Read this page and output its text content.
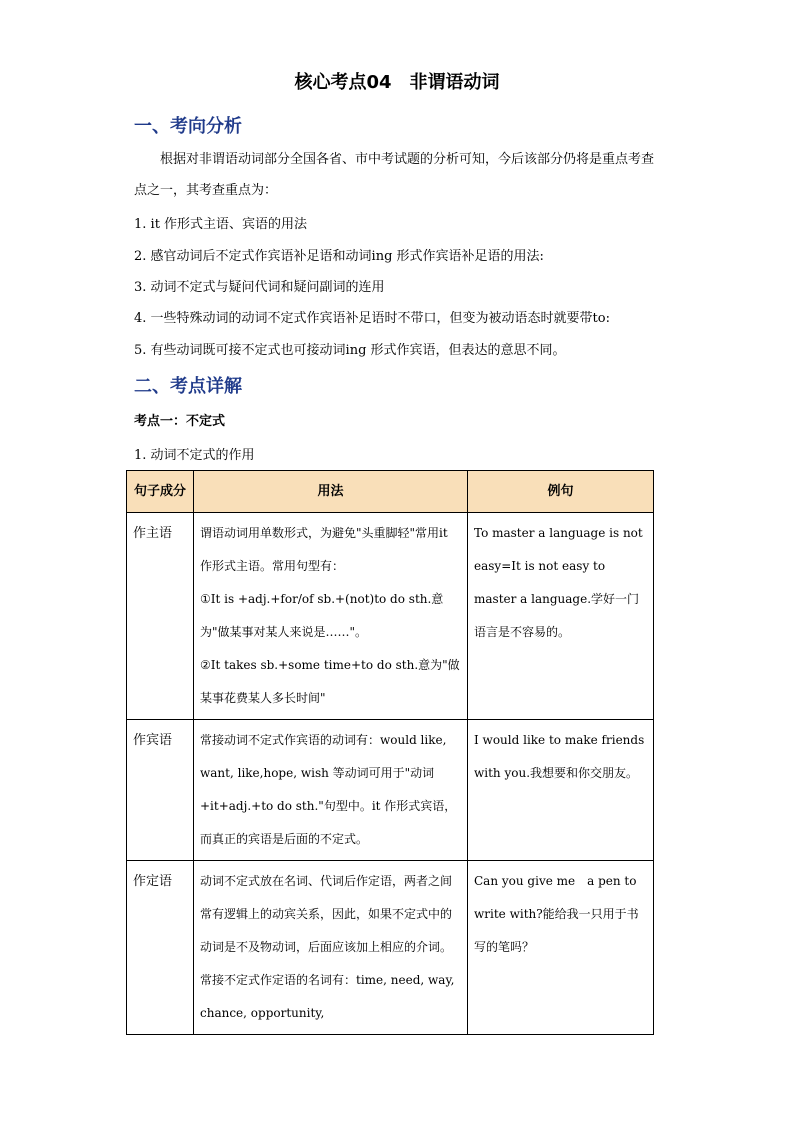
核心考点04　非谓语动词
一、考向分析
根据对非谓语动词部分全国各省、市中考试题的分析可知，今后该部分仍将是重点考查点之一，其考查重点为：
1. it 作形式主语、宾语的用法
2. 感官动词后不定式作宾语补足语和动词ing 形式作宾语补足语的用法:
3. 动词不定式与疑问代词和疑问副词的连用
4. 一些特殊动词的动词不定式作宾语补足语时不带口，但变为被动语态时就要带to:
5. 有些动词既可接不定式也可接动词ing 形式作宾语，但表达的意思不同。
二、考点详解
考点一：不定式
1. 动词不定式的作用
句子成分	用法	例句
作主语	谓语动词用单数形式，为避免"头重脚轻"常用it 作形式主语。常用句型有：
①It is +adj.+for/of sb.+(not)to do sth.意为"做某事对某人来说是……"。
②It takes sb.+some time+to do sth.意为"做某事花费某人多长时间"	To master a language is not easy=It is not easy to master a language.学好一门语言是不容易的。

作宾语	常接动词不定式作宾语的动词有：would like, want, like,hope, wish 等动词可用于"动词+it+adj.+to do sth."句型中。it 作形式宾语，而真正的宾语是后面的不定式。	I would like to make friends with you.我想要和你交朋友。

作定语	动词不定式放在名词、代词后作定语，两者之间常有逻辑上的动宾关系，因此，如果不定式中的动词是不及物动词，后面应该加上相应的介词。常接不定式作定语的名词有：time, need, way, chance, opportunity,	Can you give me　a pen to write with?能给我一只用于书写的笔吗？
